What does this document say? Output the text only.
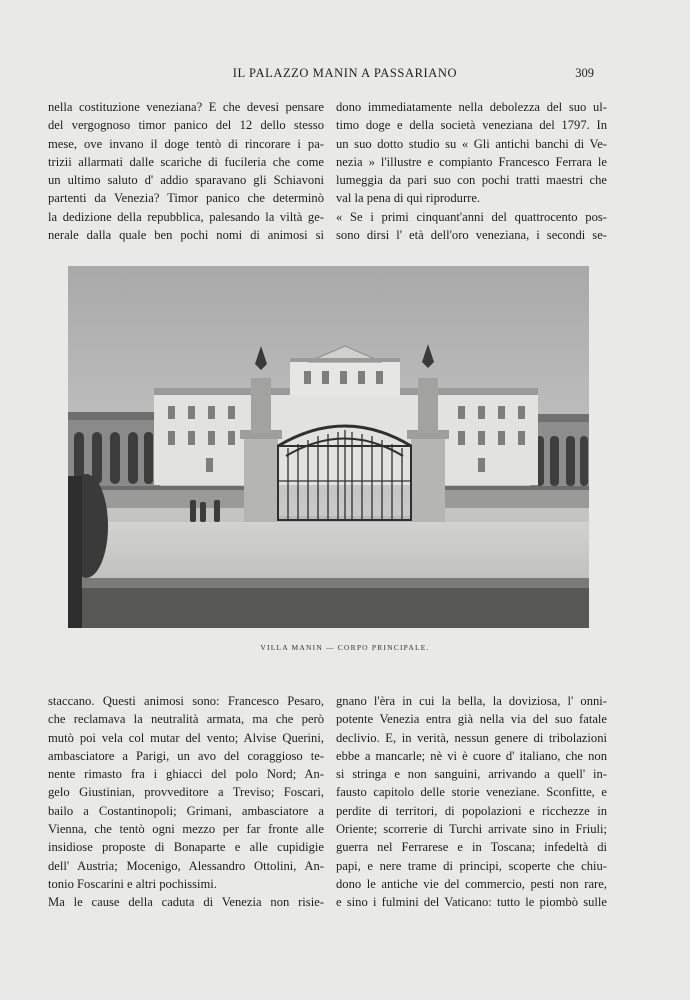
IL PALAZZO MANIN A PASSARIANO	309
nella costituzione veneziana? E che devesi pensare
del vergognoso timor panico del 12 dello stesso
mese, ove invano il doge tentò di rincorare i pa-
trizii allarmati dalle scariche di fucileria che come
un ultimo saluto d' addio sparavano gli Schiavoni
partenti da Venezia? Timor panico che determinò
la dedizione della repubblica, palesando la viltà ge-
nerale dalla quale ben pochi nomi di animosi si
dono immediatamente nella debolezza del suo ul-
timo doge e della società veneziana del 1797. In
un suo dotto studio su « Gli antichi banchi di Ve-
nezia » l'illustre e compianto Francesco Ferrara le
lumeggia da pari suo con pochi tratti maestri che
val la pena di qui riprodurre.
« Se i primi cinquant'anni del quattrocento pos-
sono dirsi l' età dell'oro veneziana, i secondi se-
VILLA MANIN — CORPO PRINCIPALE.
staccano. Questi animosi sono: Francesco Pesaro,
che reclamava la neutralità armata, ma che però
mutò poi vela col mutar del vento; Alvise Querini,
ambasciatore a Parigi, un avo del coraggioso te-
nente rimasto fra i ghiacci del polo Nord; An-
gelo Giustinian, provveditore a Treviso; Foscari,
bailo a Costantinopoli; Grimani, ambasciatore a
Vienna, che tentò ogni mezzo per far fronte alle
insidiose proposte di Bonaparte e alle cupidigie
dell' Austria; Mocenigo, Alessandro Ottolini, An-
tonio Foscarini e altri pochissimi.
Ma le cause della caduta di Venezia non risie-
gnano l'èra in cui la bella, la doviziosa, l' onni-
potente Venezia entra già nella via del suo fatale
declivio. E, in verità, nessun genere di tribolazioni
ebbe a mancarle; nè vi è cuore d' italiano, che non
si stringa e non sanguini, arrivando a quell' in-
fausto capitolo delle storie veneziane. Sconfitte, e
perdite di territori, di popolazioni e ricchezze in
Oriente; scorrerie di Turchi arrivate sino in Friuli;
guerra nel Ferrarese e in Toscana; infedeltà di
papi, e nere trame di principi, scoperte che chiu-
dono le antiche vie del commercio, pesti non rare,
e sino i fulmini del Vaticano: tutto le piombò sulle
